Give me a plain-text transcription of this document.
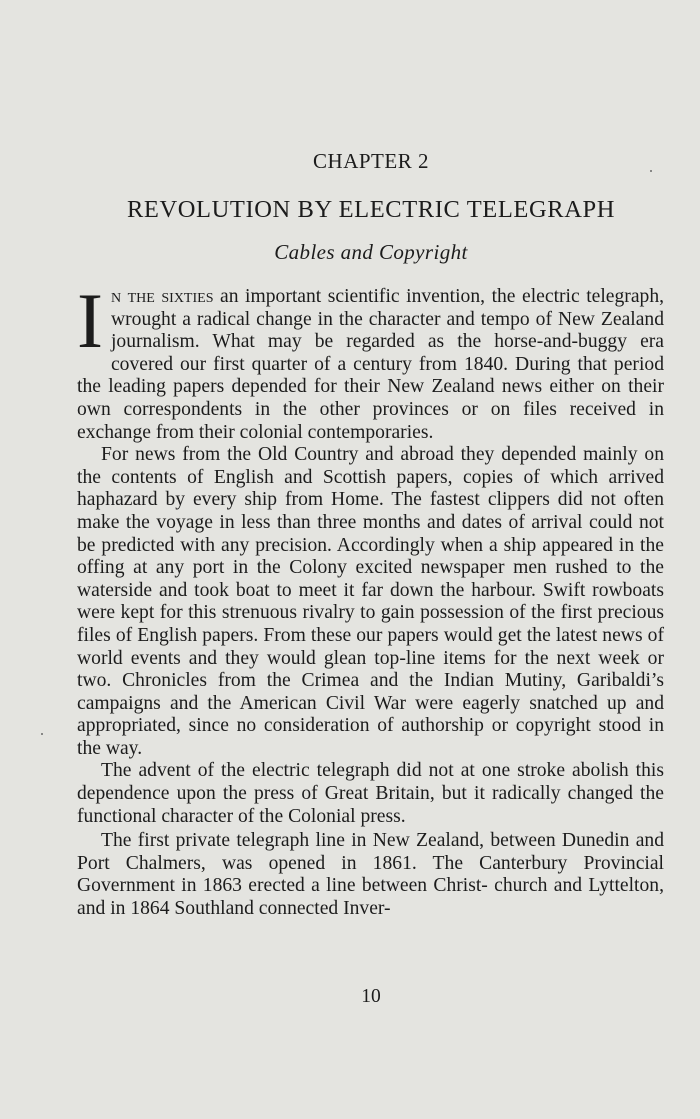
CHAPTER 2
REVOLUTION BY ELECTRIC TELEGRAPH
Cables and Copyright

In the sixties an important scientific invention, the electric telegraph, wrought a radical change in the character and tempo of New Zealand journalism. What may be regarded as the horse-and-buggy era covered our first quarter of a century from 1840. During that period the leading papers depended for their New Zealand news either on their own correspondents in the other provinces or on files received in exchange from their colonial contemporaries.

For news from the Old Country and abroad they depended mainly on the contents of English and Scottish papers, copies of which arrived haphazard by every ship from Home. The fastest clippers did not often make the voyage in less than three months and dates of arrival could not be predicted with any precision. Accordingly when a ship appeared in the offing at any port in the Colony excited newspaper men rushed to the waterside and took boat to meet it far down the harbour. Swift rowboats were kept for this strenuous rivalry to gain possession of the first precious files of English papers. From these our papers would get the latest news of world events and they would glean top-line items for the next week or two. Chronicles from the Crimea and the Indian Mutiny, Garibaldi’s campaigns and the American Civil War were eagerly snatched up and appropriated, since no consideration of authorship or copyright stood in the way.

The advent of the electric telegraph did not at one stroke abolish this dependence upon the press of Great Britain, but it radically changed the functional character of the Colonial press.

The first private telegraph line in New Zealand, between Dunedin and Port Chalmers, was opened in 1861. The Canterbury Provincial Government in 1863 erected a line between Christ- church and Lyttelton, and in 1864 Southland connected Inver-

10
